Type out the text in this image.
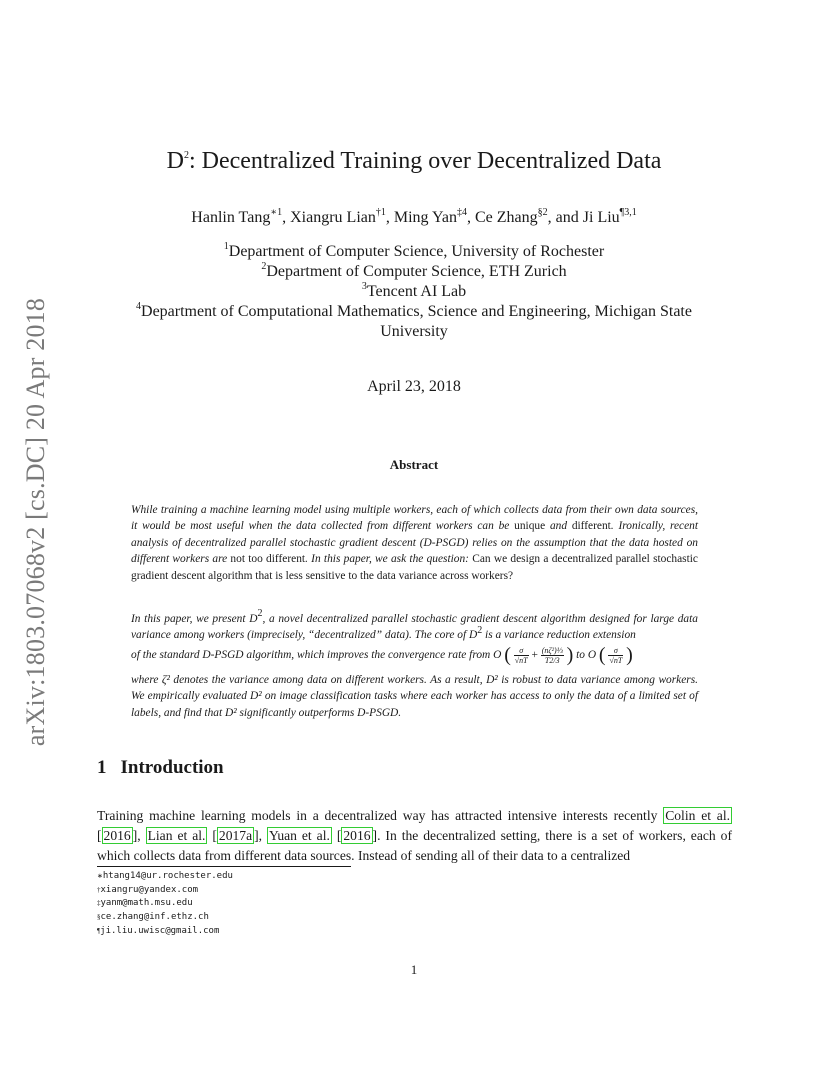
arXiv:1803.07068v2 [cs.DC] 20 Apr 2018
$D^2$: Decentralized Training over Decentralized Data
Hanlin Tang$^{∗1}$, Xiangru Lian$^{\dagger 1}$, Ming Yan$^{\ddagger 4}$, Ce Zhang$^{\S 2}$, and Ji Liu$^{\P 3,1}$
$^1$Department of Computer Science, University of Rochester
$^2$Department of Computer Science, ETH Zurich
$^3$Tencent AI Lab
$^4$Department of Computational Mathematics, Science and Engineering, Michigan State
University
April 23, 2018
Abstract

While training a machine learning model using multiple workers, each of which collects data from their own data sources, it would be most useful when the data collected from different workers can be unique and different. Ironically, recent analysis of decentralized parallel stochastic gradient descent (D-PSGD) relies on the assumption that the data hosted on different workers are not too different. In this paper, we ask the question: Can we design a decentralized parallel stochastic gradient descent algorithm that is less sensitive to the data variance across workers?

In this paper, we present $D^2$, a novel decentralized parallel stochastic gradient descent algorithm designed for large data variance among workers (imprecisely, “decentralized” data). The core of $D^2$ is a variance reduction extension

of the standard D-PSGD algorithm, which improves the convergence rate from O ( $\frac{\sigma}{√nT} + \frac{\text{(nζ²)⅓}}{T2/3}$ ) to O ( $\frac{\sigma}{√nT}$ )

where ζ² denotes the variance among data on different workers. As a result, D² is robust to data variance among workers. We empirically evaluated D² on image classification tasks where each worker has access to only the data of a limited set of labels, and find that D² significantly outperforms D-PSGD.

1 Introduction

Training machine learning models in a decentralized way has attracted intensive interests recently Colin et al. [ 2016 ], Lian et al. [ 2017a ], Yuan et al. [ 2016 ]. In the decentralized setting, there is a set of workers, each of which collects data from different data sources. Instead of sending all of their data to a centralized

∗htang14@ur.rochester.edu
†xiangru@yandex.com
‡yanm@math.msu.edu
§ce.zhang@inf.ethz.ch
¶ji.liu.uwisc@gmail.com
1
